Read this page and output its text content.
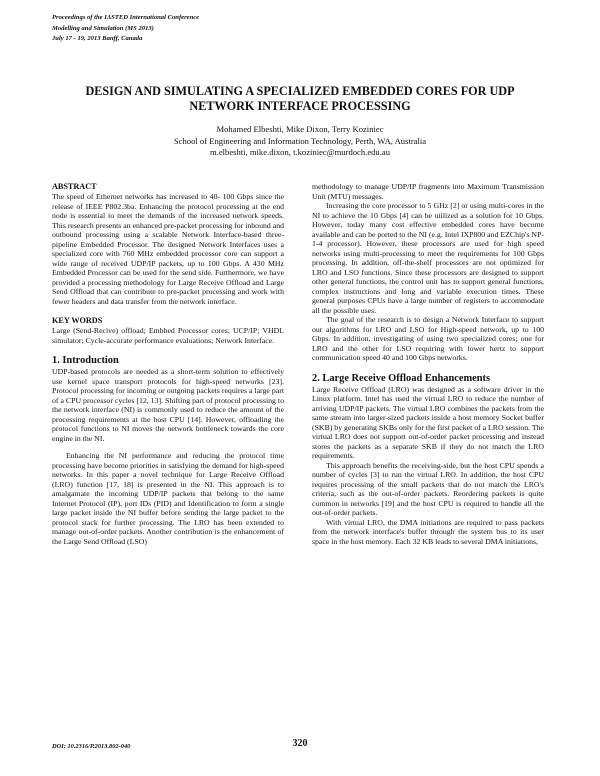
Proceedings of the IASTED International Conference
Modelling and Simulation (MS 2013)
July 17 - 19, 2013 Banff, Canada
DESIGN AND SIMULATING A SPECIALIZED EMBEDDED CORES FOR UDP
NETWORK INTERFACE PROCESSING
Mohamed Elbeshti, Mike Dixon, Terry Koziniec
School of Engineering and Information Technology, Perth, WA, Australia
m.elbeshti, mike.dixon, t.koziniec@murdoch.edu.au

ABSTRACT

The speed of Ethernet networks has increased to 40- 100 Gbps since the release of IEEE P802.3ba. Enhancing the protocol processing at the end node is essential to meet the demands of the increased network speeds. This research presents an enhanced pre-packet processing for inbound and outbound processing using a scalable Network Interface-based three-pipeline Embedded Processor. The designed Network Interfaces uses a specialized core with 760 MHz embedded processor core can support a wide range of received UDP/IP packets, up to 100 Gbps. A 430 MHz Embedded Processor can be used for the send side. Furthermore, we have provided a processing methodology for Large Receive Offload and Large Send Offload that can contribute to pre-packet processing and work with fewer headers and data transfer from the network interface.

KEY WORDS

Large (Send-Recive) offload; Embbed Processor cores; UCP/IP; VHDL simulator; Cycle-accurate performance evaluations; Network Interface.

1. Introduction

UDP-based protocols are needed as a short-term solution to effectively use kernel space transport protocols for high-speed networks [23]. Protocol processing for incoming or outgoing packets requires a large part of a CPU processor cycles [12, 13]. Shifting part of protocol processing to the network interface (NI) is commonly used to reduce the amount of the processing requirements at the host CPU [14]. However, offloading the protocol functions to NI moves the network bottleneck towards the core engine in the NI.

Enhancing the NI performance and reducing the protocol time processing have become priorities in satisfying the demand for high-speed networks. In this paper a novel technique for Large Receive Offload (LRO) function [17, 18] is presented in the NI. This approach is to amalgamate the incoming UDP/IP packets that belong to the same Internet Protocol (IP), port IDs (PID) and Identification to form a single large packet inside the NI buffer before sending the large packet to the protocol stack for further processing. The LRO has been extended to manage out-of-order packets. Another contribution is the enhancement of the Large Send Offload (LSO)

methodology to manage UDP/IP fragments into Maximum Transmission Unit (MTU) messages.

Increasing the core processor to 5 GHz [2] or using multi-cores in the NI to achieve the 10 Gbps [4] can be utilized as a solution for 10 Gbps. However, today many cost effective embedded cores have become available and can be ported to the NI (e.g. Intel IXP800 and EZChip's NP-1-4 processor). However, these processors are used for high speed networks using multi-processing to meet the requirements for 100 Gbps processing. In addition, off-the-shelf processors are not optimized for LRO and LSO functions. Since these processors are designed to support other general functions, the control unit has to support general functions, complex instructions and long and variable execution times. These general purposes CPUs have a large number of registers to accommodate all the possible uses.

The goal of the research is to design a Network Interface to support our algorithms for LRO and LSO for High-speed network, up to 100 Gbps. In addition, investigating of using two specialized cores; one for LRO and the other for LSO requiring with lower hertz to support communication speed 40 and 100 Gbps networks.

2. Large Receive Offload Enhancements

Large Receive Offload (LRO) was designed as a software driver in the Linux platform. Intel has used the virtual LRO to reduce the number of arriving UDP/IP packets. The virtual LRO combines the packets from the same stream into larger-sized packets inside a host memory Socket buffer (SKB) by generating SKBs only for the first packet of a LRO session. The virtual LRO does not support out-of-order packet processing and instead stores the packets as a separate SKB if they do not match the LRO requirements.

This approach benefits the receiving-side, but the host CPU spends a number of cycles [3] to run the virtual LRO. In addition, the host CPU requires processing of the small packets that do not match the LRO's criteria, such as the out-of-order packets. Reordering packets is quite common in networks [19] and the host CPU is required to handle all the out-of-order packets.

With virtual LRO, the DMA initiations are required to pass packets from the network interface's buffer through the system bus to its user space in the host memory. Each 32 KB leads to several DMA initiations,

DOI: 10.2316/P.2013.802-040	320
